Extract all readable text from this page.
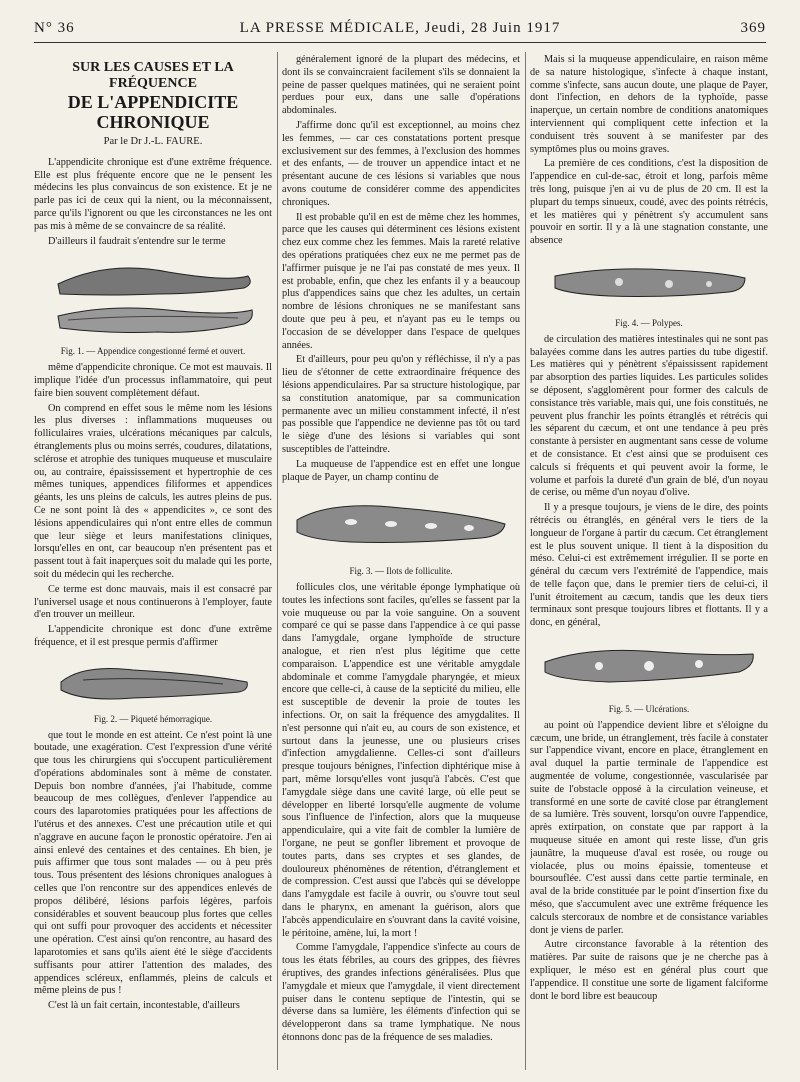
N° 36	LA PRESSE MÉDICALE, Jeudi, 28 Juin 1917	369
SUR LES CAUSES ET LA FRÉQUENCE
DE L'APPENDICITE CHRONIQUE
Par le Dr J.-L. FAURE.

L'appendicite chronique est d'une extrême fréquence. Elle est plus fréquente encore que ne le pensent les médecins les plus convaincus de son existence. Et je ne parle pas ici de ceux qui la nient, ou la méconnaissent, parce qu'ils l'ignorent ou que les circonstances ne les ont pas mis à même de se convaincre de sa réalité.

D'ailleurs il faudrait s'entendre sur le terme

Fig. 1. — Appendice congestionné fermé et ouvert.

même d'appendicite chronique. Ce mot est mauvais. Il implique l'idée d'un processus inflammatoire, qui peut faire bien souvent complètement défaut.

On comprend en effet sous le même nom les lésions les plus diverses : inflammations muqueuses ou folliculaires vraies, ulcérations mécaniques par calculs, étranglements plus ou moins serrés, coudures, dilatations, sclérose et atrophie des tuniques muqueuse et musculaire ou, au contraire, épaississement et hypertrophie de ces mêmes tuniques, appendices filiformes et appendices géants, les uns pleins de calculs, les autres pleins de pus. Ce ne sont point là des « appendicites », ce sont des lésions appendiculaires qui n'ont entre elles de commun que leur siège et leurs manifestations cliniques, lorsqu'elles en ont, car beaucoup n'en présentent pas et passent tout à fait inaperçues soit du malade qui les porte, soit du médecin qui les recherche.

Ce terme est donc mauvais, mais il est consacré par l'universel usage et nous continuerons à l'employer, faute d'en trouver un meilleur.

L'appendicite chronique est donc d'une extrême fréquence, et il est presque permis d'affirmer

Fig. 2. — Piqueté hémorragique.

que tout le monde en est atteint. Ce n'est point là une boutade, une exagération. C'est l'expression d'une vérité que tous les chirurgiens qui s'occupent particulièrement d'opérations abdominales sont à même de constater. Depuis bon nombre d'années, j'ai l'habitude, comme beaucoup de mes collègues, d'enlever l'appendice au cours des laparotomies pratiquées pour les affections de l'utérus et des annexes. C'est une précaution utile et qui n'aggrave en aucune façon le pronostic opératoire. J'en ai ainsi enlevé des centaines et des centaines. Eh bien, je puis affirmer que tous sont malades — ou à peu près tous. Tous présentent des lésions chroniques analogues à celles que l'on rencontre sur des appendices enlevés de propos délibéré, lésions parfois légères, parfois considérables et souvent beaucoup plus fortes que celles qui ont suffi pour provoquer des accidents et nécessiter une opération. C'est ainsi qu'on rencontre, au hasard des laparotomies et sans qu'ils aient été le siège d'accidents suffisants pour attirer l'attention des malades, des appendices scléreux, enflammés, pleins de calculs et même pleins de pus !

C'est là un fait certain, incontestable, d'ailleurs

généralement ignoré de la plupart des médecins, et dont ils se convaincraient facilement s'ils se donnaient la peine de passer quelques matinées, qui ne seraient point perdues pour eux, dans une salle d'opérations abdominales.

J'affirme donc qu'il est exceptionnel, au moins chez les femmes, — car ces constatations portent presque exclusivement sur des femmes, à l'exclusion des hommes et des enfants, — de trouver un appendice intact et ne présentant aucune de ces lésions si variables que nous avons coutume de considérer comme des appendicites chroniques.

Il est probable qu'il en est de même chez les hommes, parce que les causes qui déterminent ces lésions existent chez eux comme chez les femmes. Mais la rareté relative des opérations pratiquées chez eux ne me permet pas de l'affirmer puisque je ne l'ai pas constaté de mes yeux. Il est probable, enfin, que chez les enfants il y a beaucoup plus d'appendices sains que chez les adultes, un certain nombre de lésions chroniques ne se manifestant sans doute que peu à peu, et n'ayant pas eu le temps ou l'occasion de se développer dans l'espace de quelques années.

Et d'ailleurs, pour peu qu'on y réfléchisse, il n'y a pas lieu de s'étonner de cette extraordinaire fréquence des lésions appendiculaires. Par sa structure histologique, par sa constitution anatomique, par sa communication permanente avec un milieu constamment infecté, il n'est pas possible que l'appendice ne devienne pas tôt ou tard le siège d'une des lésions si variables qui sont susceptibles de l'atteindre.

La muqueuse de l'appendice est en effet une longue plaque de Payer, un champ continu de

Fig. 3. — Ilots de folliculite.

follicules clos, une véritable éponge lymphatique où toutes les infections sont faciles, qu'elles se fassent par la voie muqueuse ou par la voie sanguine. On a souvent comparé ce qui se passe dans l'appendice à ce qui passe dans l'amygdale, organe lymphoïde de structure analogue, et rien n'est plus légitime que cette comparaison. L'appendice est une véritable amygdale abdominale et comme l'amygdale pharyngée, et mieux encore que celle-ci, à cause de la septicité du milieu, elle est susceptible de devenir la proie de toutes les infections. Or, on sait la fréquence des amygdalites. Il n'est personne qui n'ait eu, au cours de son existence, et surtout dans la jeunesse, une ou plusieurs crises d'infection amygdalienne. Celles-ci sont d'ailleurs presque toujours bénignes, l'infection diphtérique mise à part, même lorsqu'elles vont jusqu'à l'abcès. C'est que l'amygdale siège dans une cavité large, où elle peut se développer en liberté lorsqu'elle augmente de volume sous l'influence de l'infection, alors que la muqueuse appendiculaire, qui a vite fait de combler la lumière de l'organe, ne peut se gonfler librement et provoque de toutes parts, dans ses cryptes et ses glandes, de douloureux phénomènes de rétention, d'étranglement et de compression. C'est aussi que l'abcès qui se développe dans l'amygdale est facile à ouvrir, ou s'ouvre tout seul dans le pharynx, en amenant la guérison, alors que l'abcès appendiculaire en s'ouvrant dans la cavité voisine, le péritoine, amène, lui, la mort !

Comme l'amygdale, l'appendice s'infecte au cours de tous les états fébriles, au cours des grippes, des fièvres éruptives, des grandes infections généralisées. Plus que l'amygdale et mieux que l'amygdale, il vient directement puiser dans le contenu septique de l'intestin, qui se déverse dans sa lumière, les éléments d'infection qui se développeront dans sa trame lymphatique. Ne nous étonnons donc pas de la fréquence de ses maladies.

Mais si la muqueuse appendiculaire, en raison même de sa nature histologique, s'infecte à chaque instant, comme s'infecte, sans aucun doute, une plaque de Payer, dont l'infection, en dehors de la typhoïde, passe inaperçue, un certain nombre de conditions anatomiques interviennent qui compliquent cette infection et la conduisent très souvent à se manifester par des symptômes plus ou moins graves.

La première de ces conditions, c'est la disposition de l'appendice en cul-de-sac, étroit et long, parfois même très long, puisque j'en ai vu de plus de 20 cm. Il est la plupart du temps sinueux, coudé, avec des points rétrécis, et les matières qui y pénètrent s'y accumulent sans pouvoir en sortir. Il y a là une stagnation constante, une absence

Fig. 4. — Polypes.

de circulation des matières intestinales qui ne sont pas balayées comme dans les autres parties du tube digestif. Les matières qui y pénètrent s'épaississent rapidement par absorption des parties liquides. Les particules solides se déposent, s'agglomèrent pour former des calculs de consistance très variable, mais qui, une fois constitués, ne peuvent plus franchir les points étranglés et rétrécis qui les séparent du cæcum, et ont une tendance à peu près constante à persister en augmentant sans cesse de volume et de consistance. Et c'est ainsi que se produisent ces calculs si fréquents et qui peuvent avoir la forme, le volume et parfois la dureté d'un grain de blé, d'un noyau de cerise, ou même d'un noyau d'olive.

Il y a presque toujours, je viens de le dire, des points rétrécis ou étranglés, en général vers le tiers de la longueur de l'organe à partir du cæcum. Cet étranglement est le plus souvent unique. Il tient à la disposition du méso. Celui-ci est extrêmement irrégulier. Il se porte en général du cæcum vers l'extrémité de l'appendice, mais de telle façon que, dans le premier tiers de celui-ci, il l'unit étroitement au cæcum, tandis que les deux tiers terminaux sont presque toujours libres et flottants. Il y a donc, en général,

Fig. 5. — Ulcérations.

au point où l'appendice devient libre et s'éloigne du cæcum, une bride, un étranglement, très facile à constater sur l'appendice vivant, encore en place, étranglement en aval duquel la partie terminale de l'appendice est augmentée de volume, congestionnée, vascularisée par suite de l'obstacle opposé à la circulation veineuse, et transformé en une sorte de cavité close par étranglement de sa lumière. Très souvent, lorsqu'on ouvre l'appendice, après extirpation, on constate que par rapport à la muqueuse située en amont qui reste lisse, d'un gris jaunâtre, la muqueuse d'aval est rosée, ou rouge ou violacée, plus ou moins épaissie, tomenteuse et boursouflée. C'est aussi dans cette partie terminale, en aval de la bride constituée par le point d'insertion fixe du méso, que s'accumulent avec une extrême fréquence les calculs stercoraux de nombre et de consistance variables dont je viens de parler.

Autre circonstance favorable à la rétention des matières. Par suite de raisons que je ne cherche pas à expliquer, le méso est en général plus court que l'appendice. Il constitue une sorte de ligament falciforme dont le bord libre est beaucoup
